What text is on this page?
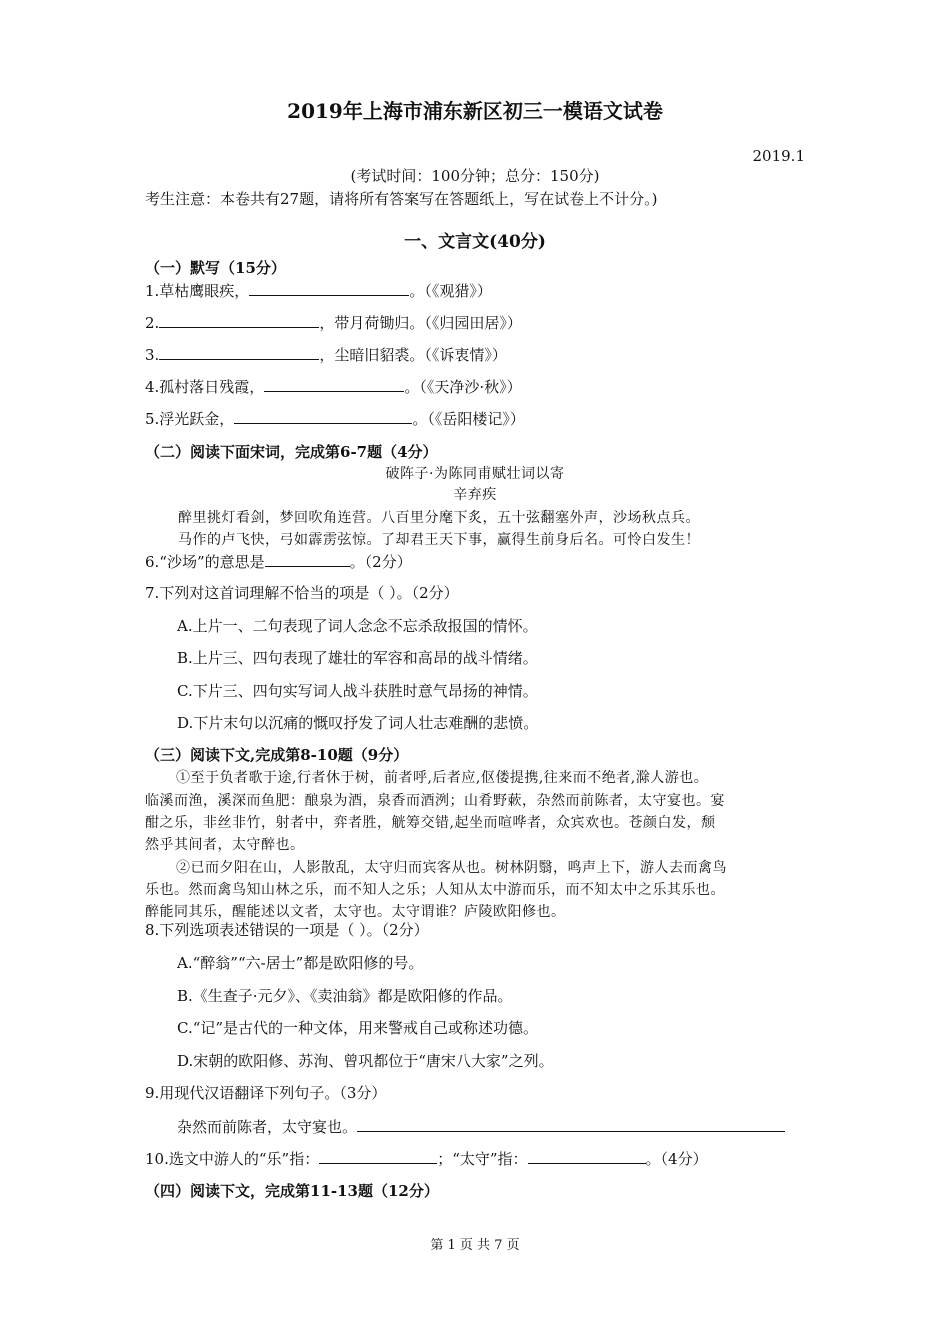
2019年上海市浦东新区初三一模语文试卷
2019.1
(考试时间：100分钟；总分：150分)
考生注意：本卷共有27题，请将所有答案写在答题纸上，写在试卷上不计分。)
一、文言文(40分)
（一）默写（15分）
1.草枯鹰眼疾，	。（《观猎》）
2.	，带月荷锄归。（《归园田居》）
3.	，尘暗旧貂裘。（《诉衷情》）
4.孤村落日残霞，	。（《天净沙·秋》）
5.浮光跃金，	。（《岳阳楼记》）
（二）阅读下面宋词，完成第6-7题（4分）
破阵子·为陈同甫赋壮词以寄
辛弃疾
醉里挑灯看剑，梦回吹角连营。八百里分麾下炙，五十弦翻塞外声，沙场秋点兵。
马作的卢飞快，弓如霹雳弦惊。了却君王天下事，赢得生前身后名。可怜白发生！
6.“沙场”的意思是	。（2分）
7.下列对这首词理解不恰当的项是（ ）。（2分）
A.上片一、二句表现了词人念念不忘杀敌报国的情怀。
B.上片三、四句表现了雄壮的军容和高昂的战斗情绪。
C.下片三、四句实写词人战斗获胜时意气昂扬的神情。
D.下片末句以沉痛的慨叹抒发了词人壮志难酬的悲愤。
（三）阅读下文,完成第8-10题（9分）
①至于负者歌于途,行者休于树，前者呼,后者应,伛偻提携,往来而不绝者,滁人游也。
临溪而渔，溪深而鱼肥：酿泉为酒，泉香而酒洌；山肴野蔌，杂然而前陈者，太守宴也。宴
酣之乐，非丝非竹，射者中，弈者胜，觥筹交错,起坐而喧哗者，众宾欢也。苍颜白发，颓
然乎其间者，太守醉也。
②已而夕阳在山，人影散乱，太守归而宾客从也。树林阴翳，鸣声上下，游人去而禽鸟
乐也。然而禽鸟知山林之乐，而不知人之乐；人知从太中游而乐，而不知太中之乐其乐也。
醉能同其乐，醒能述以文者，太守也。太守谓谁？庐陵欧阳修也。
8.下列选项表述错误的一项是（ ）。（2分）
A.“醉翁”“六-居士”都是欧阳修的号。
B.《生查子·元夕》、《卖油翁》都是欧阳修的作品。
C.“记”是古代的一种文体，用来警戒自己或称述功德。
D.宋朝的欧阳修、苏洵、曾巩都位于“唐宋八大家”之列。
9.用现代汉语翻译下列句子。（3分）
杂然而前陈者，太守宴也。
10.选文中游人的“乐”指：	；“太守”指：	。（4分）
（四）阅读下文，完成第11-13题（12分）
第 1 页 共 7 页
